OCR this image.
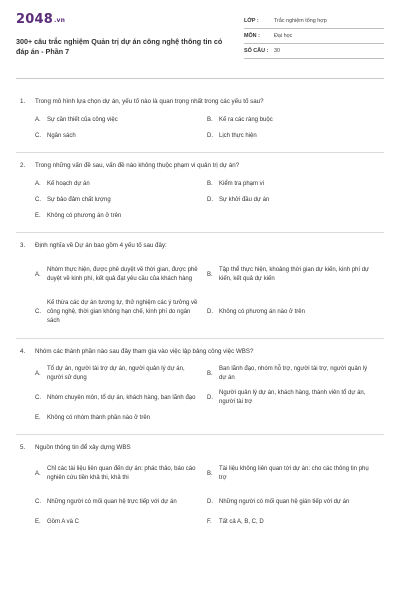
2048.vn
300+ câu trắc nghiệm Quản trị dự án công nghệ thông tin có đáp án - Phần 7
LỚP :	Trắc nghiệm tổng hợp
MÔN :	Đại học
SỐ CÂU :	30
1.	Trong mô hình lựa chọn dự án, yếu tố nào là quan trọng nhất trong các yếu tố sau?
A.	Sự cần thiết của công việc	B.	Kế ra các ràng buộc
C.	Ngân sách	D.	Lịch thực hiện
2.	Trong những vấn đề sau, vấn đề nào không thuộc phạm vi quản trị dự án?
A.	Kế hoạch dự án	B.	Kiểm tra phạm vi
C.	Sự bảo đảm chất lượng	D.	Sự khởi đầu dự án
E.	Không có phương án ở trên
3.	Định nghĩa về Dự án bao gồm 4 yếu tố sau đây:
A.
Nhóm thực hiện, được phê duyệt về thời gian, được phê duyệt về kinh phí, kết quả đạt yêu cầu của khách hàng
B.
Tập thể thực hiện, khoảng thời gian dự kiến, kinh phí dự kiến, kết quả dự kiến
C.
Kế thừa các dự án tương tự, thử nghiệm các ý tưởng về công nghệ, thời gian không hạn chế, kinh phí do ngân sách
D.	Không có phương án nào ở trên
4.	Nhóm các thành phần nào sau đây tham gia vào việc lập bảng công việc WBS?
A.
Tổ dự án, người tài trợ dự án, người quản lý dự án, người sử dụng
B.
Ban lãnh đạo, nhóm hỗ trợ, người tài trợ, người quản lý dự án
C.	Nhóm chuyên môn, tổ dự án, khách hàng, ban lãnh đạo	D.
Người quản lý dự án, khách hàng, thành viên tổ dự án, người tài trợ
E.	Không có nhóm thành phần nào ở trên
5.	Nguồn thông tin để xây dựng WBS
A.
Chỉ các tài liệu liên quan đến dự án: phác thảo, báo cáo nghiên cứu tiền khả thi, khả thi
B.
Tài liệu không liên quan tới dự án: cho các thông tin phụ trợ
C.	Những người có mối quan hệ trực tiếp với dự án	D.	Những người có mối quan hệ gián tiếp với dự án
E.	Gồm A và C	F.	Tất cả A, B, C, D
